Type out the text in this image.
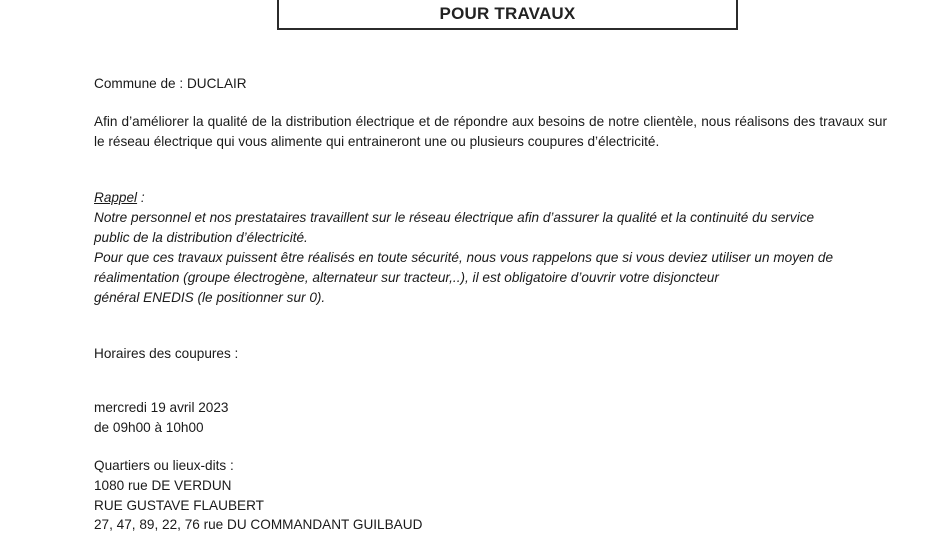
POUR TRAVAUX
Commune de : DUCLAIR
Afin d’améliorer la qualité de la distribution électrique et de répondre aux besoins de notre clientèle, nous réalisons des travaux sur le réseau électrique qui vous alimente qui entraineront une ou plusieurs coupures d’électricité.
Rappel :
Notre personnel et nos prestataires travaillent sur le réseau électrique afin d’assurer la qualité et la continuité du service
public de la distribution d’électricité.
Pour que ces travaux puissent être réalisés en toute sécurité, nous vous rappelons que si vous deviez utiliser un moyen de
réalimentation (groupe électrogène, alternateur sur tracteur,..), il est obligatoire d’ouvrir votre disjoncteur
général ENEDIS (le positionner sur 0).
Horaires des coupures :
mercredi 19 avril 2023
de 09h00 à 10h00
Quartiers ou lieux-dits :
1080 rue DE VERDUN
RUE GUSTAVE FLAUBERT
27, 47, 89, 22, 76 rue DU COMMANDANT GUILBAUD
